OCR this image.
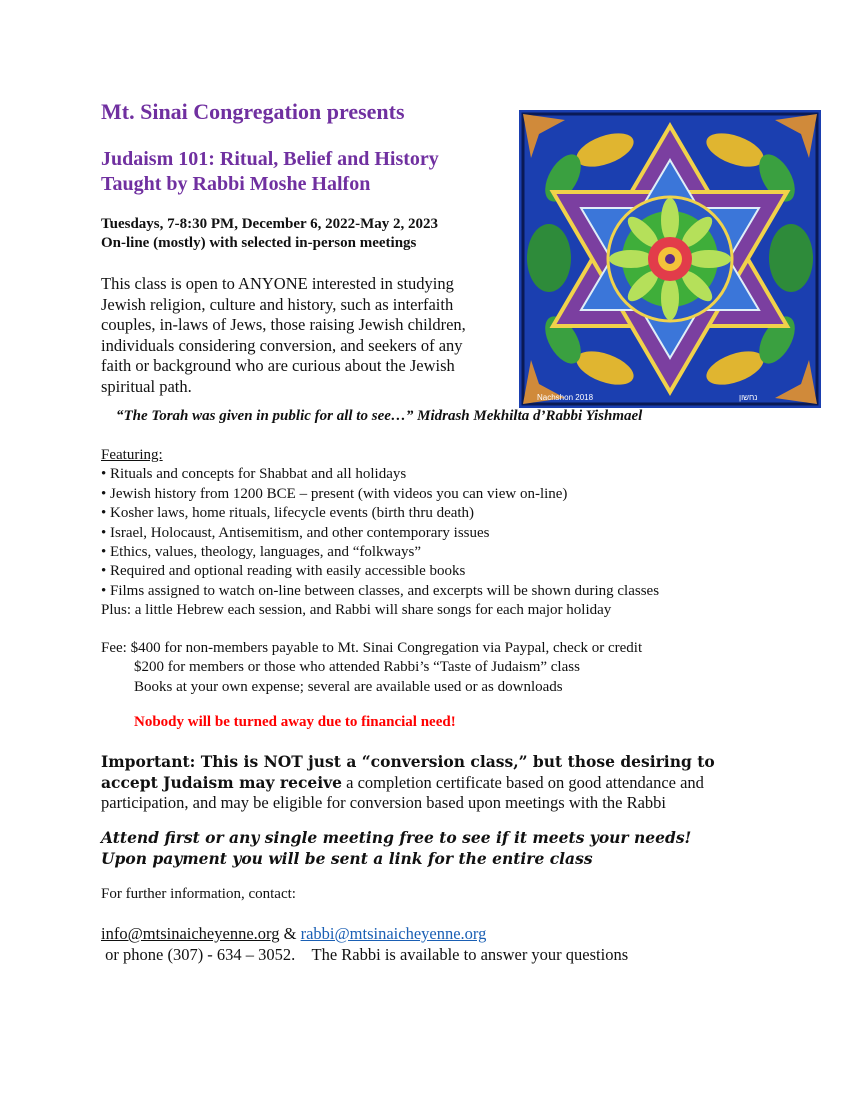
Mt. Sinai Congregation presents
Judaism 101: Ritual, Belief and History
Taught by Rabbi Moshe Halfon
Tuesdays, 7-8:30 PM, December 6, 2022-May 2, 2023
On-line (mostly) with selected in-person meetings
This class is open to ANYONE interested in studying
Jewish religion, culture and history, such as interfaith
couples, in-laws of Jews, those raising Jewish children,
individuals considering conversion, and seekers of any
faith or background who are curious about the Jewish
spiritual path.
Nachshon 2018	נחשון
“The Torah was given in public for all to see…” Midrash Mekhilta d’Rabbi Yishmael
Featuring:
• Rituals and concepts for Shabbat and all holidays
• Jewish history from 1200 BCE – present (with videos you can view on-line)
• Kosher laws, home rituals, lifecycle events (birth thru death)
• Israel, Holocaust, Antisemitism, and other contemporary issues
• Ethics, values, theology, languages, and “folkways”
• Required and optional reading with easily accessible books
• Films assigned to watch on-line between classes, and excerpts will be shown during classes
Plus: a little Hebrew each session, and Rabbi will share songs for each major holiday
Fee: $400 for non-members payable to Mt. Sinai Congregation via Paypal, check or credit
$200 for members or those who attended Rabbi’s “Taste of Judaism” class
Books at your own expense; several are available used or as downloads
Nobody will be turned away due to financial need!
Important: This is NOT just a “conversion class,” but those desiring to
accept Judaism may receive a completion certificate based on good attendance and
participation, and may be eligible for conversion based upon meetings with the Rabbi
Attend first or any single meeting free to see if it meets your needs!
Upon payment you will be sent a link for the entire class
For further information, contact:
info@mtsinaicheyenne.org & rabbi@mtsinaicheyenne.org
or phone (307) - 634 – 3052.    The Rabbi is available to answer your questions
